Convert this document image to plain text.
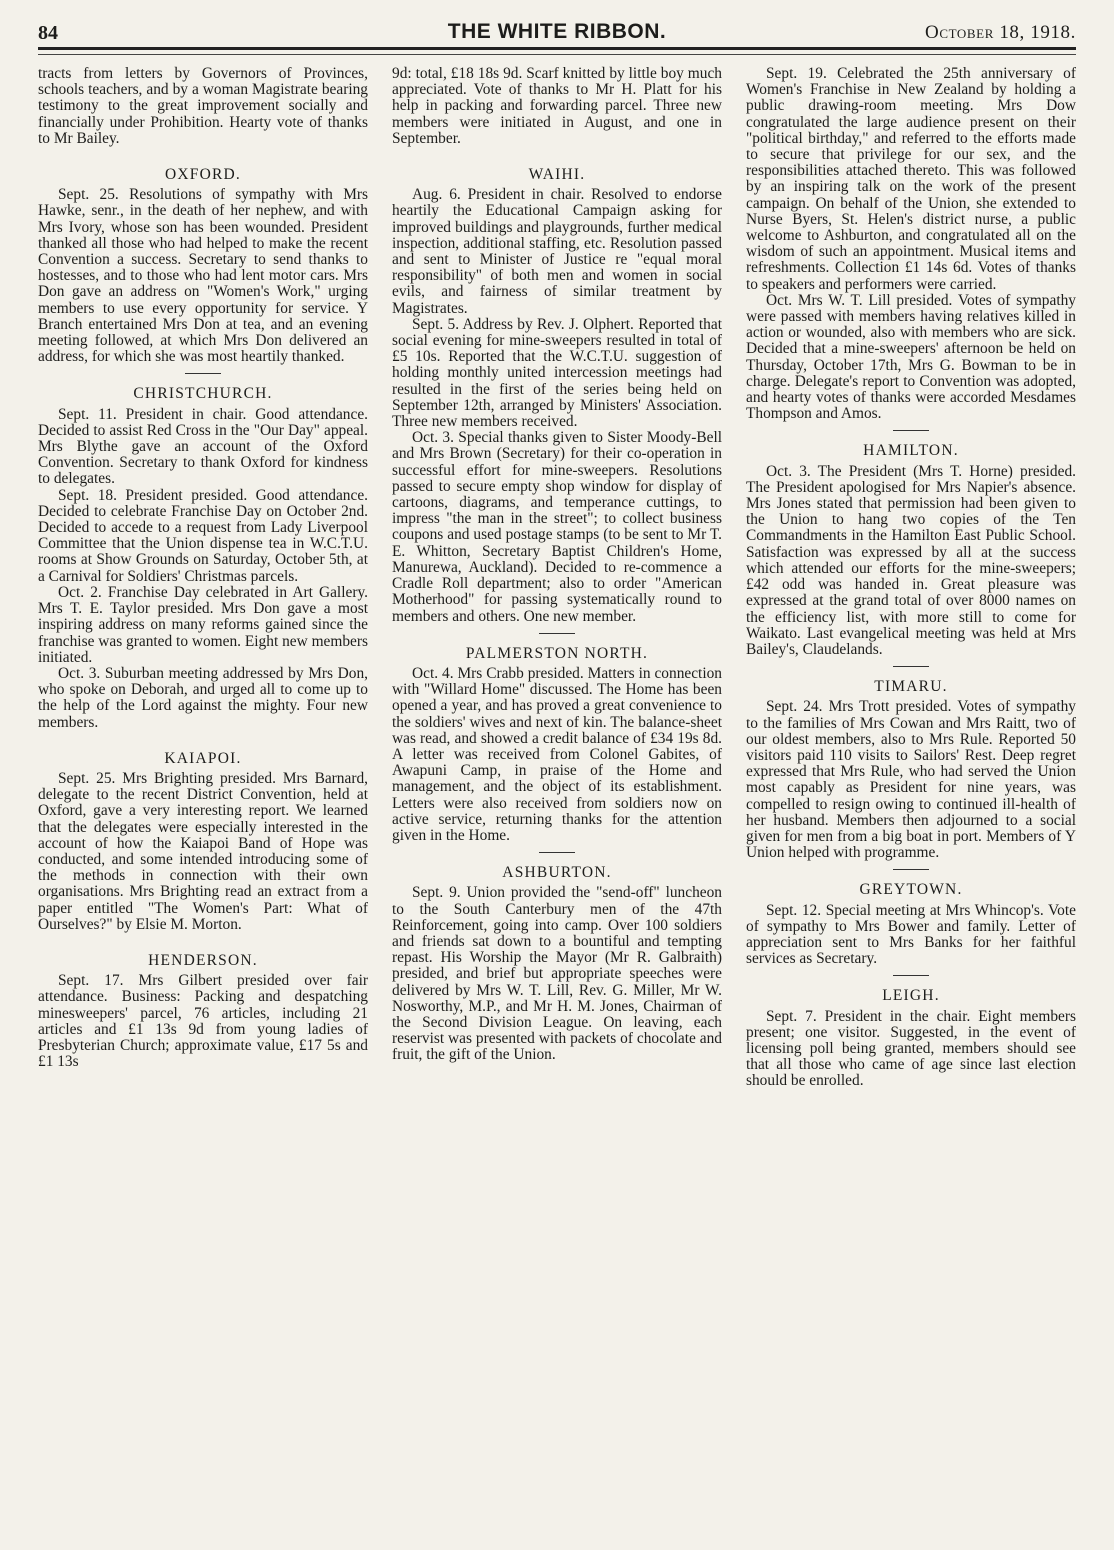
84	THE WHITE RIBBON.	October 18, 1918.

tracts from letters by Governors of Provinces, schools teachers, and by a woman Magistrate bearing testimony to the great improvement socially and financially under Prohibition. Hearty vote of thanks to Mr Bailey.

OXFORD.

Sept. 25. Resolutions of sympathy with Mrs Hawke, senr., in the death of her nephew, and with Mrs Ivory, whose son has been wounded. President thanked all those who had helped to make the recent Convention a success. Secretary to send thanks to hostesses, and to those who had lent motor cars. Mrs Don gave an address on "Women's Work," urging members to use every opportunity for service. Y Branch entertained Mrs Don at tea, and an evening meeting followed, at which Mrs Don delivered an address, for which she was most heartily thanked.

CHRISTCHURCH.

Sept. 11. President in chair. Good attendance. Decided to assist Red Cross in the "Our Day" appeal. Mrs Blythe gave an account of the Oxford Convention. Secretary to thank Oxford for kindness to delegates.

Sept. 18. President presided. Good attendance. Decided to celebrate Franchise Day on October 2nd. Decided to accede to a request from Lady Liverpool Committee that the Union dispense tea in W.C.T.U. rooms at Show Grounds on Saturday, October 5th, at a Carnival for Soldiers' Christmas parcels.

Oct. 2. Franchise Day celebrated in Art Gallery. Mrs T. E. Taylor presided. Mrs Don gave a most inspiring address on many reforms gained since the franchise was granted to women. Eight new members initiated.

Oct. 3. Suburban meeting addressed by Mrs Don, who spoke on Deborah, and urged all to come up to the help of the Lord against the mighty. Four new members.

KAIAPOI.

Sept. 25. Mrs Brighting presided. Mrs Barnard, delegate to the recent District Convention, held at Oxford, gave a very interesting report. We learned that the delegates were especially interested in the account of how the Kaiapoi Band of Hope was conducted, and some intended introducing some of the methods in connection with their own organisations. Mrs Brighting read an extract from a paper entitled "The Women's Part: What of Ourselves?" by Elsie M. Morton.

HENDERSON.

Sept. 17. Mrs Gilbert presided over fair attendance. Business: Packing and despatching minesweepers' parcel, 76 articles, including 21 articles and £1 13s 9d from young ladies of Presbyterian Church; approximate value, £17 5s and £1 13s

9d: total, £18 18s 9d. Scarf knitted by little boy much appreciated. Vote of thanks to Mr H. Platt for his help in packing and forwarding parcel. Three new members were initiated in August, and one in September.

WAIHI.

Aug. 6. President in chair. Resolved to endorse heartily the Educational Campaign asking for improved buildings and playgrounds, further medical inspection, additional staffing, etc. Resolution passed and sent to Minister of Justice re "equal moral responsibility" of both men and women in social evils, and fairness of similar treatment by Magistrates.

Sept. 5. Address by Rev. J. Olphert. Reported that social evening for mine-sweepers resulted in total of £5 10s. Reported that the W.C.T.U. suggestion of holding monthly united intercession meetings had resulted in the first of the series being held on September 12th, arranged by Ministers' Association. Three new members received.

Oct. 3. Special thanks given to Sister Moody-Bell and Mrs Brown (Secretary) for their co-operation in successful effort for mine-sweepers. Resolutions passed to secure empty shop window for display of cartoons, diagrams, and temperance cuttings, to impress "the man in the street"; to collect business coupons and used postage stamps (to be sent to Mr T. E. Whitton, Secretary Baptist Children's Home, Manurewa, Auckland). Decided to re-commence a Cradle Roll department; also to order "American Motherhood" for passing systematically round to members and others. One new member.

PALMERSTON NORTH.

Oct. 4. Mrs Crabb presided. Matters in connection with "Willard Home" discussed. The Home has been opened a year, and has proved a great convenience to the soldiers' wives and next of kin. The balance-sheet was read, and showed a credit balance of £34 19s 8d. A letter was received from Colonel Gabites, of Awapuni Camp, in praise of the Home and management, and the object of its establishment. Letters were also received from soldiers now on active service, returning thanks for the attention given in the Home.

ASHBURTON.

Sept. 9. Union provided the "send-off" luncheon to the South Canterbury men of the 47th Reinforcement, going into camp. Over 100 soldiers and friends sat down to a bountiful and tempting repast. His Worship the Mayor (Mr R. Galbraith) presided, and brief but appropriate speeches were delivered by Mrs W. T. Lill, Rev. G. Miller, Mr W. Nosworthy, M.P., and Mr H. M. Jones, Chairman of the Second Division League. On leaving, each reservist was presented with packets of chocolate and fruit, the gift of the Union.

Sept. 19. Celebrated the 25th anniversary of Women's Franchise in New Zealand by holding a public drawing-room meeting. Mrs Dow congratulated the large audience present on their "political birthday," and referred to the efforts made to secure that privilege for our sex, and the responsibilities attached thereto. This was followed by an inspiring talk on the work of the present campaign. On behalf of the Union, she extended to Nurse Byers, St. Helen's district nurse, a public welcome to Ashburton, and congratulated all on the wisdom of such an appointment. Musical items and refreshments. Collection £1 14s 6d. Votes of thanks to speakers and performers were carried.

Oct. Mrs W. T. Lill presided. Votes of sympathy were passed with members having relatives killed in action or wounded, also with members who are sick. Decided that a mine-sweepers' afternoon be held on Thursday, October 17th, Mrs G. Bowman to be in charge. Delegate's report to Convention was adopted, and hearty votes of thanks were accorded Mesdames Thompson and Amos.

HAMILTON.

Oct. 3. The President (Mrs T. Horne) presided. The President apologised for Mrs Napier's absence. Mrs Jones stated that permission had been given to the Union to hang two copies of the Ten Commandments in the Hamilton East Public School. Satisfaction was expressed by all at the success which attended our efforts for the mine-sweepers; £42 odd was handed in. Great pleasure was expressed at the grand total of over 8000 names on the efficiency list, with more still to come for Waikato. Last evangelical meeting was held at Mrs Bailey's, Claudelands.

TIMARU.

Sept. 24. Mrs Trott presided. Votes of sympathy to the families of Mrs Cowan and Mrs Raitt, two of our oldest members, also to Mrs Rule. Reported 50 visitors paid 110 visits to Sailors' Rest. Deep regret expressed that Mrs Rule, who had served the Union most capably as President for nine years, was compelled to resign owing to continued ill-health of her husband. Members then adjourned to a social given for men from a big boat in port. Members of Y Union helped with programme.

GREYTOWN.

Sept. 12. Special meeting at Mrs Whincop's. Vote of sympathy to Mrs Bower and family. Letter of appreciation sent to Mrs Banks for her faithful services as Secretary.

LEIGH.

Sept. 7. President in the chair. Eight members present; one visitor. Suggested, in the event of licensing poll being granted, members should see that all those who came of age since last election should be enrolled.
